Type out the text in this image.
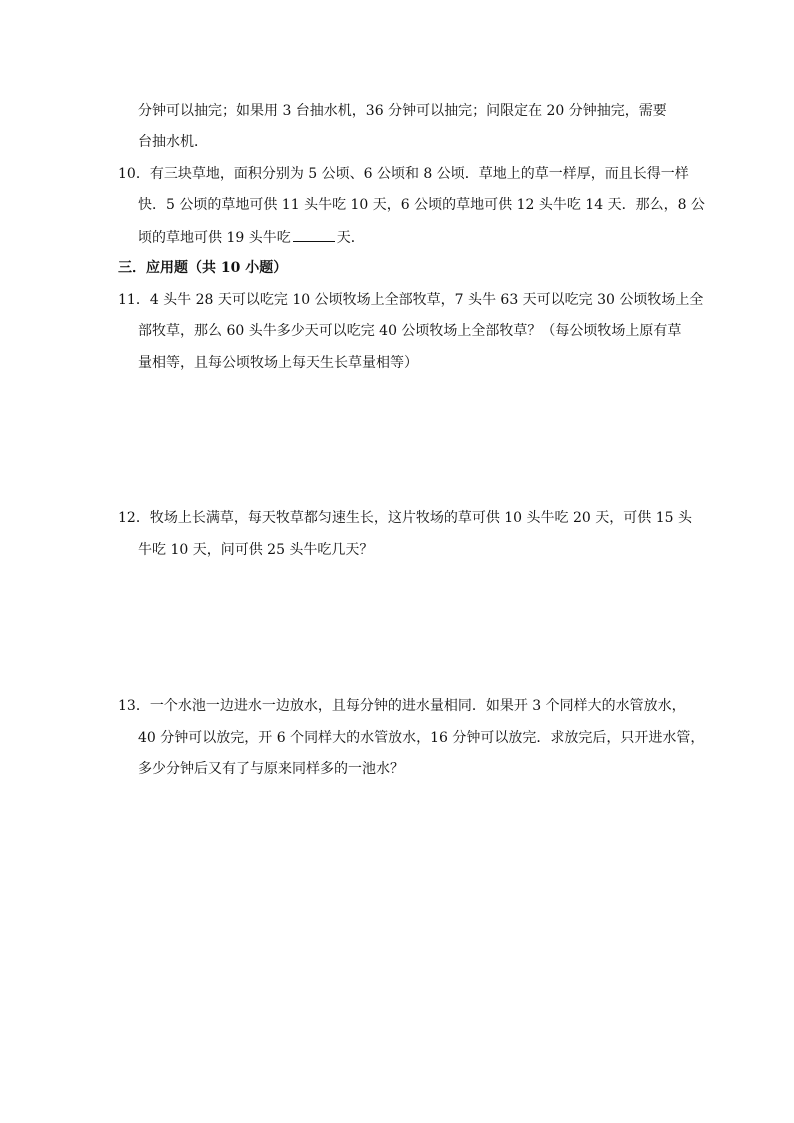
分钟可以抽完；如果用 3 台抽水机，36 分钟可以抽完；问限定在 20 分钟抽完，需要
台抽水机．
10．有三块草地，面积分别为 5 公顷、6 公顷和 8 公顷．草地上的草一样厚，而且长得一样
快．5 公顷的草地可供 11 头牛吃 10 天，6 公顷的草地可供 12 头牛吃 14 天．那么，8 公
顷的草地可供 19 头牛吃	天．
三．应用题（共 10 小题）
11．4 头牛 28 天可以吃完 10 公顷牧场上全部牧草，7 头牛 63 天可以吃完 30 公顷牧场上全
部牧草，那么 60 头牛多少天可以吃完 40 公顷牧场上全部牧草？（每公顷牧场上原有草
量相等，且每公顷牧场上每天生长草量相等）
12．牧场上长满草，每天牧草都匀速生长，这片牧场的草可供 10 头牛吃 20 天，可供 15 头
牛吃 10 天，问可供 25 头牛吃几天？
13．一个水池一边进水一边放水，且每分钟的进水量相同．如果开 3 个同样大的水管放水，
40 分钟可以放完，开 6 个同样大的水管放水，16 分钟可以放完．求放完后，只开进水管，
多少分钟后又有了与原来同样多的一池水？
